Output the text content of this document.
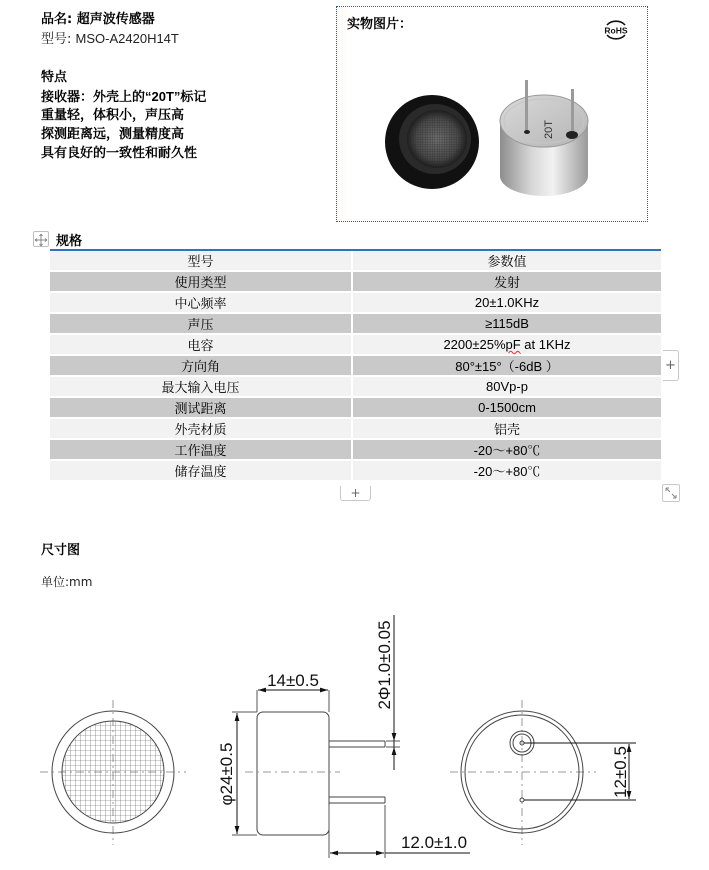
品名: 超声波传感器
型号: MSO-A2420H14T
特点
接收器：外壳上的“20T”标记
重量轻，体积小，声压高
探测距离远，测量精度高
具有良好的一致性和耐久性
实物图片：	RoHS
20T
规格
型号	参数值
使用类型	发射
中心频率	20±1.0KHz
声压	≥115dB
电容	2200±25%pF at 1KHz
方向角	80°±15°（-6dB ）
最大输入电压	80Vp-p
测试距离	0-1500cm
外壳材质	铝壳
工作温度	-20～+80℃
储存温度	-20～+80℃
+
+
尺寸图
单位:mm
14±0.5
φ24±0.5
2Φ1.0±0.05
12.0±1.0
12±0.5
